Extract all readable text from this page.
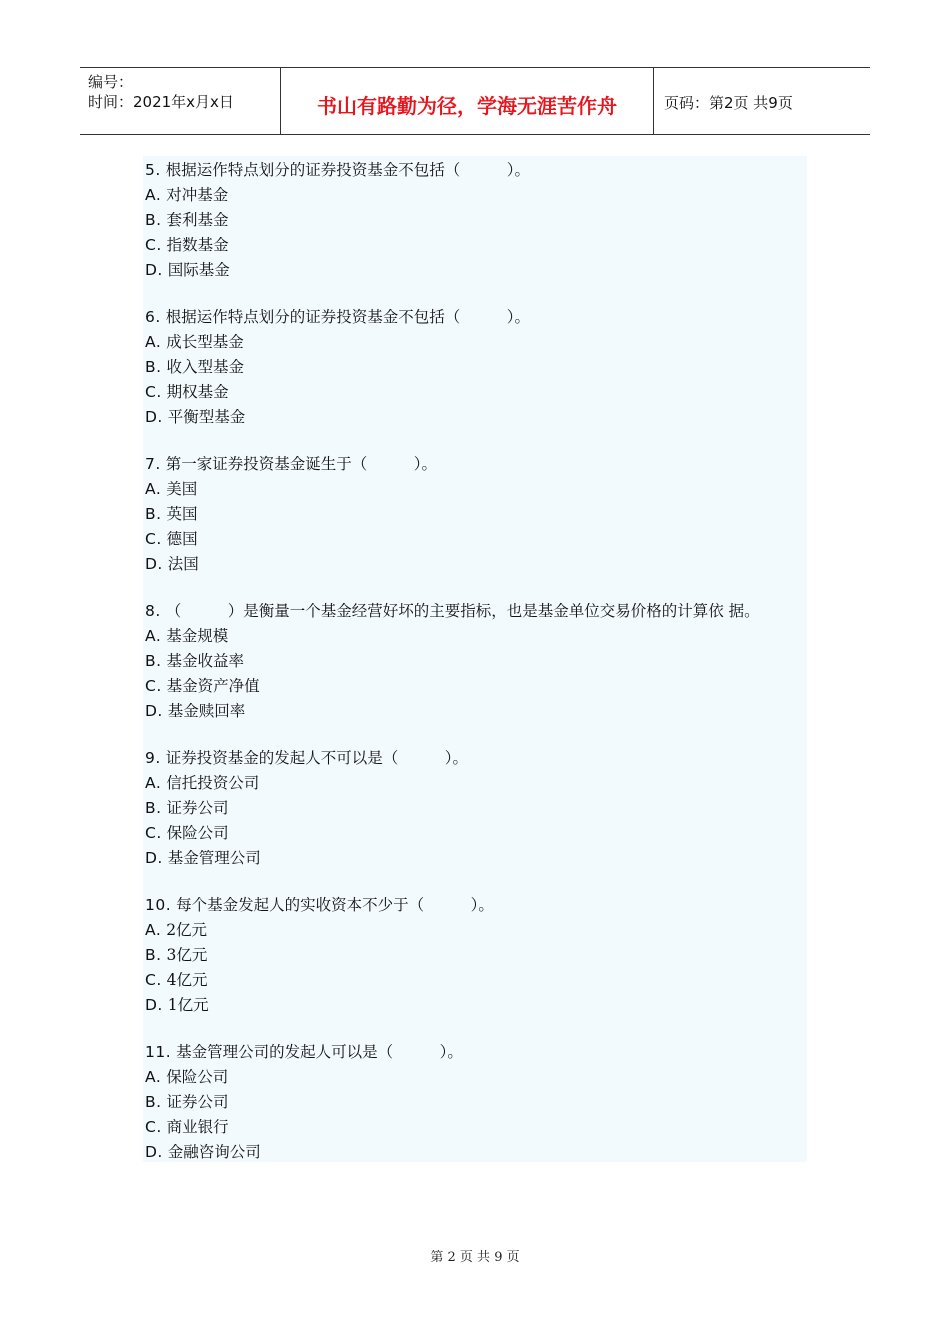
编号：
时间：2021年x月x日	书山有路勤为径，学海无涯苦作舟	页码：第2页 共9页
5. 根据运作特点划分的证券投资基金不包括（　　　）。
A. 对冲基金
B. 套利基金
C. 指数基金
D. 国际基金
6. 根据运作特点划分的证券投资基金不包括（　　　）。
A. 成长型基金
B. 收入型基金
C. 期权基金
D. 平衡型基金
7. 第一家证券投资基金诞生于（　　　）。
A. 美国
B. 英国
C. 德国
D. 法国
8. （　　　）是衡量一个基金经营好坏的主要指标，也是基金单位交易价格的计算依 据。
A. 基金规模
B. 基金收益率
C. 基金资产净值
D. 基金赎回率
9. 证券投资基金的发起人不可以是（　　　）。
A. 信托投资公司
B. 证券公司
C. 保险公司
D. 基金管理公司
10. 每个基金发起人的实收资本不少于（　　　）。
A. 2亿元
B. 3亿元
C. 4亿元
D. 1亿元
11. 基金管理公司的发起人可以是（　　　）。
A. 保险公司
B. 证券公司
C. 商业银行
D. 金融咨询公司
第 2 页 共 9 页
